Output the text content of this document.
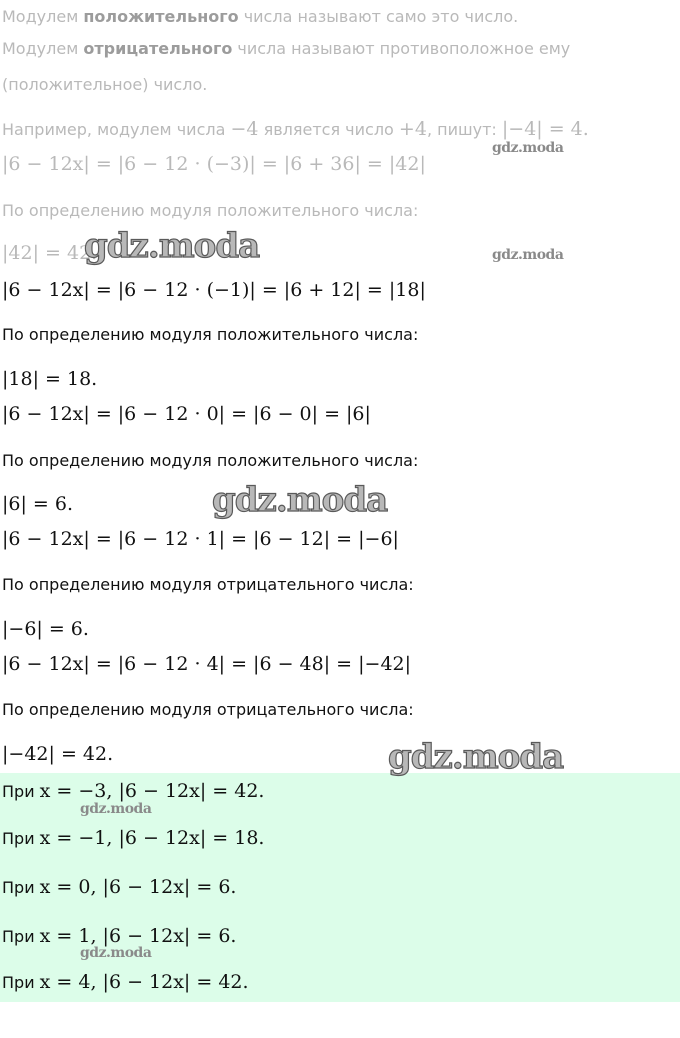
Модулем положительного числа называют само это число.
Модулем отрицательного числа называют противоположное ему
(положительное) число.
Например, модулем числа −4 является число +4, пишут: |−4| = 4.
|6 − 12x| = |6 − 12 · (−3)| = |6 + 36| = |42|
По определению модуля положительного числа:
|42| = 42.
|6 − 12x| = |6 − 12 · (−1)| = |6 + 12| = |18|
По определению модуля положительного числа:
|18| = 18.
|6 − 12x| = |6 − 12 · 0| = |6 − 0| = |6|
По определению модуля положительного числа:
|6| = 6.
|6 − 12x| = |6 − 12 · 1| = |6 − 12| = |−6|
По определению модуля отрицательного числа:
|−6| = 6.
|6 − 12x| = |6 − 12 · 4| = |6 − 48| = |−42|
По определению модуля отрицательного числа:
|−42| = 42.
При x = −3, |6 − 12x| = 42.
При x = −1, |6 − 12x| = 18.
При x = 0, |6 − 12x| = 6.
При x = 1, |6 − 12x| = 6.
При x = 4, |6 − 12x| = 42.
gdz.moda
gdz.moda	gdz.moda
gdz.moda
gdz.moda
gdz.moda
gdz.moda
